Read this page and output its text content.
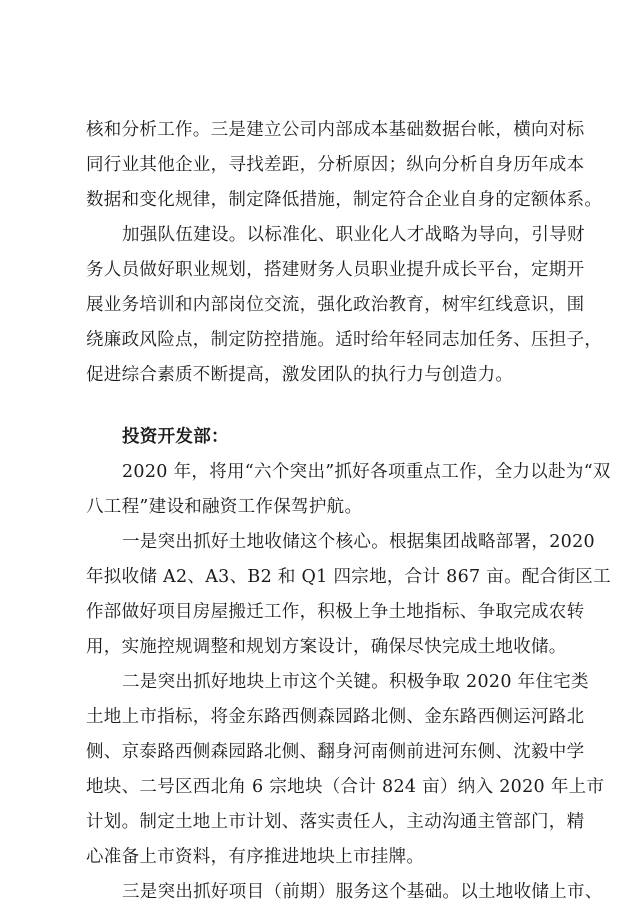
核和分析工作。三是建立公司内部成本基础数据台帐，横向对标
同行业其他企业，寻找差距，分析原因；纵向分析自身历年成本
数据和变化规律，制定降低措施，制定符合企业自身的定额体系。
加强队伍建设。以标准化、职业化人才战略为导向，引导财
务人员做好职业规划，搭建财务人员职业提升成长平台，定期开
展业务培训和内部岗位交流，强化政治教育，树牢红线意识，围
绕廉政风险点，制定防控措施。适时给年轻同志加任务、压担子，
促进综合素质不断提高，激发团队的执行力与创造力。
投资开发部：
2020 年，将用“六个突出”抓好各项重点工作，全力以赴为“双
八工程”建设和融资工作保驾护航。
一是突出抓好土地收储这个核心。根据集团战略部署，2020
年拟收储 A2、A3、B2 和 Q1 四宗地，合计 867 亩。配合街区工
作部做好项目房屋搬迁工作，积极上争土地指标、争取完成农转
用，实施控规调整和规划方案设计，确保尽快完成土地收储。
二是突出抓好地块上市这个关键。积极争取 2020 年住宅类
土地上市指标，将金东路西侧森园路北侧、金东路西侧运河路北
侧、京泰路西侧森园路北侧、翻身河南侧前进河东侧、沈毅中学
地块、二号区西北角 6 宗地块（合计 824 亩）纳入 2020 年上市
计划。制定土地上市计划、落实责任人，主动沟通主管部门，精
心准备上市资料，有序推进地块上市挂牌。
三是突出抓好项目（前期）服务这个基础。以土地收储上市、
